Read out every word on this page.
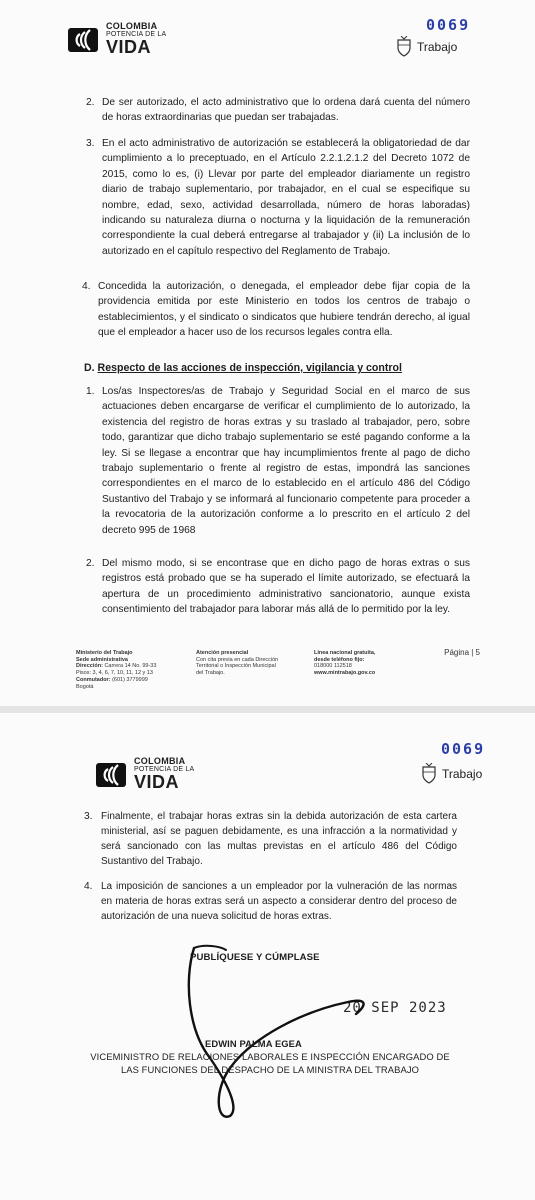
COLOMBIA
POTENCIA DE LA
VIDA
0069
Trabajo
2. De ser autorizado, el acto administrativo que lo ordena dará cuenta del número de horas extraordinarias que puedan ser trabajadas.
3. En el acto administrativo de autorización se establecerá la obligatoriedad de dar cumplimiento a lo preceptuado, en el Artículo 2.2.1.2.1.2 del Decreto 1072 de 2015, como lo es, (i) Llevar por parte del empleador diariamente un registro diario de trabajo suplementario, por trabajador, en el cual se especifique su nombre, edad, sexo, actividad desarrollada, número de horas laboradas) indicando su naturaleza diurna o nocturna y la liquidación de la remuneración correspondiente la cual deberá entregarse al trabajador y (ii) La inclusión de lo autorizado en el capítulo respectivo del Reglamento de Trabajo.
4. Concedida la autorización, o denegada, el empleador debe fijar copia de la providencia emitida por este Ministerio en todos los centros de trabajo o establecimientos, y el sindicato o sindicatos que hubiere tendrán derecho, al igual que el empleador a hacer uso de los recursos legales contra ella.
D. Respecto de las acciones de inspección, vigilancia y control
1. Los/as Inspectores/as de Trabajo y Seguridad Social en el marco de sus actuaciones deben encargarse de verificar el cumplimiento de lo autorizado, la existencia del registro de horas extras y su traslado al trabajador, pero, sobre todo, garantizar que dicho trabajo suplementario se esté pagando conforme a la ley. Si se llegase a encontrar que hay incumplimientos frente al pago de dicho trabajo suplementario o frente al registro de estas, impondrá las sanciones correspondientes en el marco de lo establecido en el artículo 486 del Código Sustantivo del Trabajo y se informará al funcionario competente para proceder a la revocatoria de la autorización conforme a lo prescrito en el artículo 2 del decreto 995 de 1968
2. Del mismo modo, si se encontrase que en dicho pago de horas extras o sus registros está probado que se ha superado el límite autorizado, se efectuará la apertura de un procedimiento administrativo sancionatorio, aunque exista consentimiento del trabajador para laborar más allá de lo permitido por la ley.
Ministerio del Trabajo
Sede administrativa
Dirección: Carrera 14 No. 99-33
Pisos: 3, 4, 6, 7, 10, 11, 12 y 13
Conmutador: (601) 3779999
Bogotá
Atención presencial
Con cita previa en cada Dirección
Territorial o Inspección Municipal
del Trabajo.
Línea nacional gratuita,
desde teléfono fijo:
018000 112518
www.mintrabajo.gov.co
Página | 5
COLOMBIA
POTENCIA DE LA
VIDA
0069
Trabajo
3. Finalmente, el trabajar horas extras sin la debida autorización de esta cartera ministerial, así se paguen debidamente, es una infracción a la normatividad y será sancionado con las multas previstas en el artículo 486 del Código Sustantivo del Trabajo.
4. La imposición de sanciones a un empleador por la vulneración de las normas en materia de horas extras será un aspecto a considerar dentro del proceso de autorización de una nueva solicitud de horas extras.
PUBLÍQUESE Y CÚMPLASE
20 SEP 2023
EDWIN PALMA EGEA
VICEMINISTRO DE RELACIONES LABORALES E INSPECCIÓN ENCARGADO DE
LAS FUNCIONES DEL DESPACHO DE LA MINISTRA DEL TRABAJO
